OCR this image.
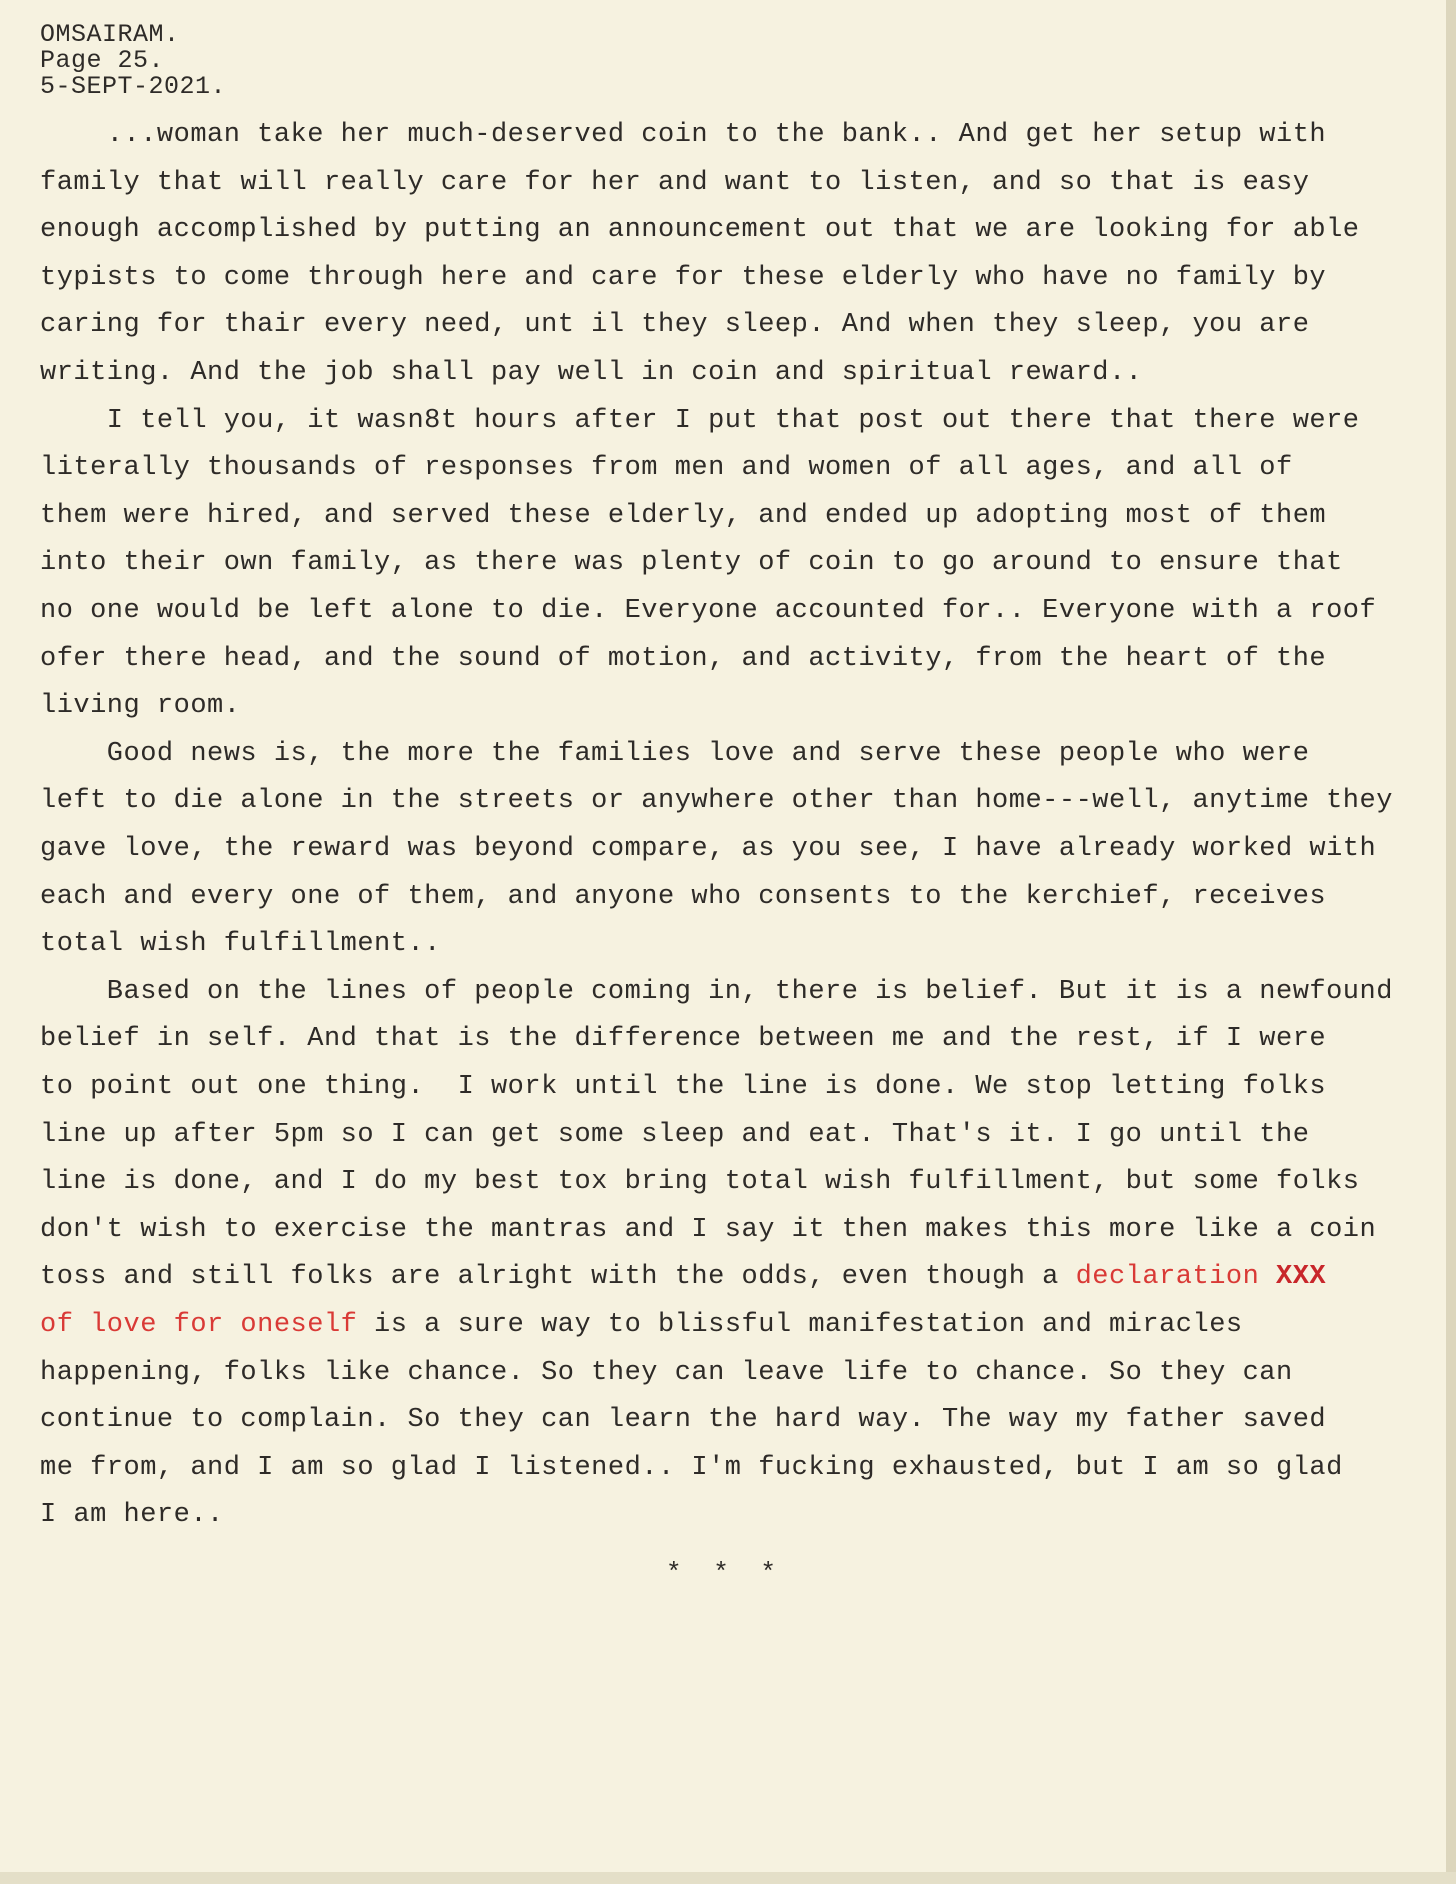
OMSAIRAM.
Page 25.
5-SEPT-2021.
...woman take her much-deserved coin to the bank.. And get her setup with
family that will really care for her and want to listen, and so that is easy
enough accomplished by putting an announcement out that we are looking for able
typists to come through here and care for these elderly who have no family by
caring for thair every need, unt il they sleep. And when they sleep, you are
writing. And the job shall pay well in coin and spiritual reward..
I tell you, it wasn8t hours after I put that post out there that there were
literally thousands of responses from men and women of all ages, and all of
them were hired, and served these elderly, and ended up adopting most of them
into their own family, as there was plenty of coin to go around to ensure that
no one would be left alone to die. Everyone accounted for.. Everyone with a roof
ofer there head, and the sound of motion, and activity, from the heart of the
living room.
Good news is, the more the families love and serve these people who were
left to die alone in the streets or anywhere other than home---well, anytime they
gave love, the reward was beyond compare, as you see, I have already worked with
each and every one of them, and anyone who consents to the kerchief, receives
total wish fulfillment..
Based on the lines of people coming in, there is belief. But it is a newfound
belief in self. And that is the difference between me and the rest, if I were
to point out one thing.  I work until the line is done. We stop letting folks
line up after 5pm so I can get some sleep and eat. That's it. I go until the
line is done, and I do my best tox bring total wish fulfillment, but some folks
don't wish to exercise the mantras and I say it then makes this more like a coin
toss and still folks are alright with the odds, even though a declaration XXX
of love for oneself is a sure way to blissful manifestation and miracles
happening, folks like chance. So they can leave life to chance. So they can
continue to complain. So they can learn the hard way. The way my father saved
me from, and I am so glad I listened.. I'm fucking exhausted, but I am so glad
I am here..
* * *
